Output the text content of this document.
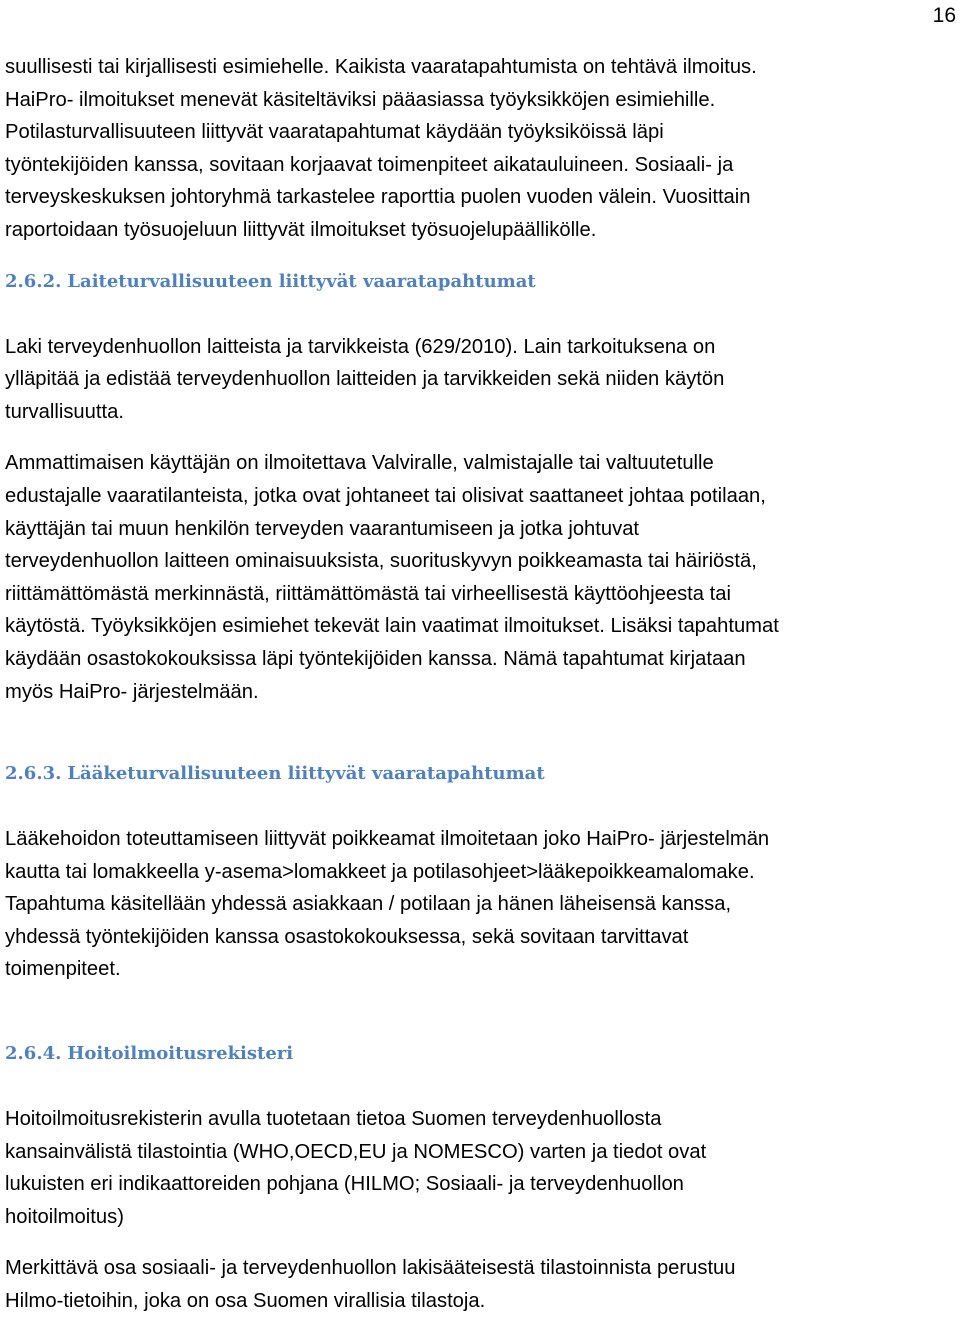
16

suullisesti tai kirjallisesti esimiehelle. Kaikista vaaratapahtumista on tehtävä ilmoitus.
HaiPro- ilmoitukset menevät käsiteltäviksi pääasiassa työyksikköjen esimiehille.
Potilasturvallisuuteen liittyvät vaaratapahtumat käydään työyksiköissä läpi
työntekijöiden kanssa, sovitaan korjaavat toimenpiteet aikatauluineen. Sosiaali- ja
terveyskeskuksen johtoryhmä tarkastelee raporttia puolen vuoden välein. Vuosittain
raportoidaan työsuojeluun liittyvät ilmoitukset työsuojelupäällikölle.

2.6.2. Laiteturvallisuuteen liittyvät vaaratapahtumat

Laki terveydenhuollon laitteista ja tarvikkeista (629/2010). Lain tarkoituksena on
ylläpitää ja edistää terveydenhuollon laitteiden ja tarvikkeiden sekä niiden käytön
turvallisuutta.

Ammattimaisen käyttäjän on ilmoitettava Valviralle, valmistajalle tai valtuutetulle
edustajalle vaaratilanteista, jotka ovat johtaneet tai olisivat saattaneet johtaa potilaan,
käyttäjän tai muun henkilön terveyden vaarantumiseen ja jotka johtuvat
terveydenhuollon laitteen ominaisuuksista, suorituskyvyn poikkeamasta tai häiriöstä,
riittämättömästä merkinnästä, riittämättömästä tai virheellisestä käyttöohjeesta tai
käytöstä. Työyksikköjen esimiehet tekevät lain vaatimat ilmoitukset. Lisäksi tapahtumat
käydään osastokokouksissa läpi työntekijöiden kanssa. Nämä tapahtumat kirjataan
myös HaiPro- järjestelmään.

2.6.3. Lääketurvallisuuteen liittyvät vaaratapahtumat

Lääkehoidon toteuttamiseen liittyvät poikkeamat ilmoitetaan joko HaiPro- järjestelmän
kautta tai lomakkeella y-asema>lomakkeet ja potilasohjeet>lääkepoikkeamalomake.
Tapahtuma käsitellään yhdessä asiakkaan / potilaan ja hänen läheisensä kanssa,
yhdessä työntekijöiden kanssa osastokokouksessa, sekä sovitaan tarvittavat
toimenpiteet.

2.6.4. Hoitoilmoitusrekisteri

Hoitoilmoitusrekisterin avulla tuotetaan tietoa Suomen terveydenhuollosta
kansainvälistä tilastointia (WHO,OECD,EU ja NOMESCO) varten ja tiedot ovat
lukuisten eri indikaattoreiden pohjana (HILMO; Sosiaali- ja terveydenhuollon
hoitoilmoitus)

Merkittävä osa sosiaali- ja terveydenhuollon lakisääteisestä tilastoinnista perustuu
Hilmo-tietoihin, joka on osa Suomen virallisia tilastoja.
